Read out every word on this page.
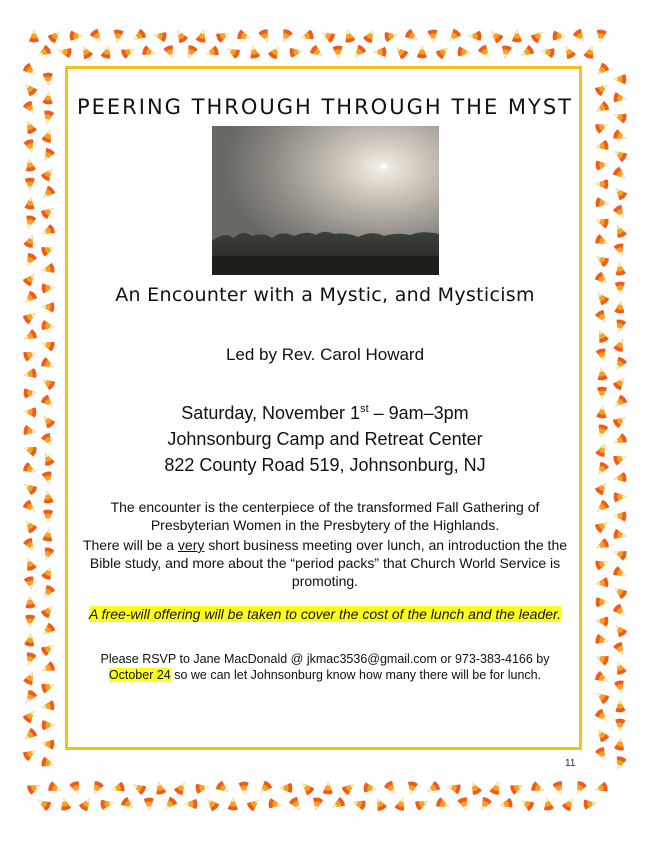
PEERING THROUGH THROUGH THE MYST
An Encounter with a Mystic, and Mysticism
Led by Rev. Carol Howard
Saturday, November 1st – 9am–3pm
Johnsonburg Camp and Retreat Center
822 County Road 519, Johnsonburg, NJ
The encounter is the centerpiece of the transformed Fall Gathering of Presbyterian Women in the Presbytery of the Highlands.
There will be a very short business meeting over lunch, an introduction the the Bible study, and more about the “period packs” that Church World Service is promoting.
A free-will offering will be taken to cover the cost of the lunch and the leader.
Please RSVP to Jane MacDonald @ jkmac3536@gmail.com or 973-383-4166 by October 24 so we can let Johnsonburg know how many there will be for lunch.
11
